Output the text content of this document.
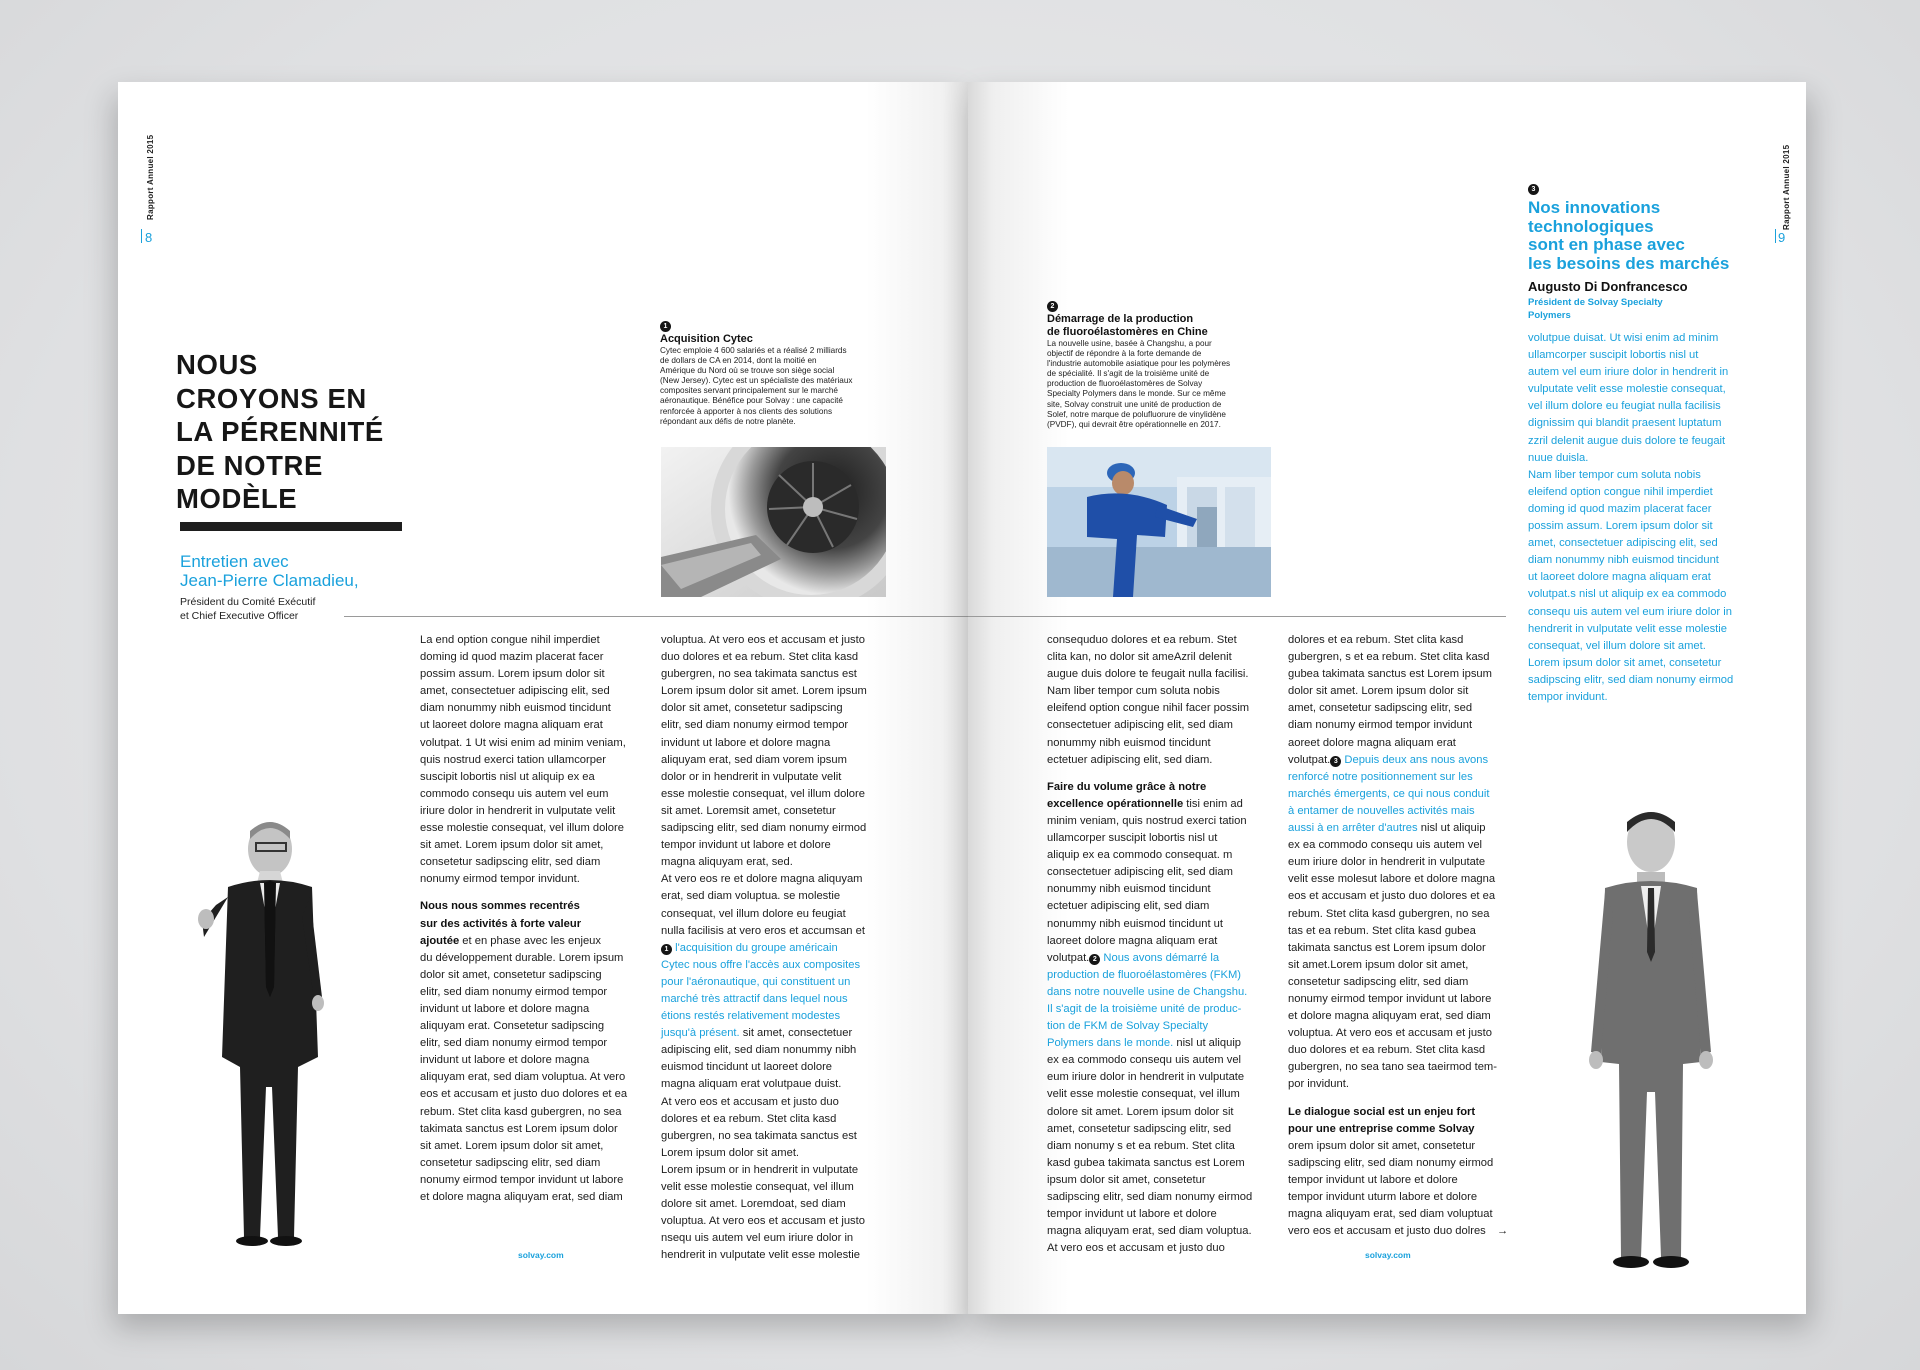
Rapport Annuel 2015
8
NOUS
CROYONS EN
LA PÉRENNITÉ
DE NOTRE
MODÈLE
Entretien avec
Jean-Pierre Clamadieu,
Président du Comité Exécutif
et Chief Executive Officer
1
Acquisition Cytec
Cytec emploie 4 600 salariés et a réalisé 2 milliards
de dollars de CA en 2014, dont la moitié en
Amérique du Nord où se trouve son siège social
(New Jersey). Cytec est un spécialiste des matériaux
composites servant principalement sur le marché
aéronautique. Bénéfice pour Solvay : une capacité
renforcée à apporter à nos clients des solutions
répondant aux défis de notre planète.

La end option congue nihil imperdiet
doming id quod mazim placerat facer
possim assum. Lorem ipsum dolor sit
amet, consectetuer adipiscing elit, sed
diam nonummy nibh euismod tincidunt
ut laoreet dolore magna aliquam erat
volutpat. 1 Ut wisi enim ad minim veniam,
quis nostrud exerci tation ullamcorper
suscipit lobortis nisl ut aliquip ex ea
commodo consequ uis autem vel eum
iriure dolor in hendrerit in vulputate velit
esse molestie consequat, vel illum dolore
sit amet. Lorem ipsum dolor sit amet,
consetetur sadipscing elitr, sed diam
nonumy eirmod tempor invidunt.

Nous nous sommes recentrés
sur des activités à forte valeur
ajoutée et en phase avec les enjeux
du développement durable. Lorem ipsum
dolor sit amet, consetetur sadipscing
elitr, sed diam nonumy eirmod tempor
invidunt ut labore et dolore magna
aliquyam erat. Consetetur sadipscing
elitr, sed diam nonumy eirmod tempor
invidunt ut labore et dolore magna
aliquyam erat, sed diam voluptua. At vero
eos et accusam et justo duo dolores et ea
rebum. Stet clita kasd gubergren, no sea
takimata sanctus est Lorem ipsum dolor
sit amet. Lorem ipsum dolor sit amet,
consetetur sadipscing elitr, sed diam
nonumy eirmod tempor invidunt ut labore
et dolore magna aliquyam erat, sed diam

voluptua. At vero eos et accusam et justo
duo dolores et ea rebum. Stet clita kasd
gubergren, no sea takimata sanctus est
Lorem ipsum dolor sit amet. Lorem ipsum
dolor sit amet, consetetur sadipscing
elitr, sed diam nonumy eirmod tempor
invidunt ut labore et dolore magna
aliquyam erat, sed diam vorem ipsum
dolor or in hendrerit in vulputate velit
esse molestie consequat, vel illum dolore
sit amet. Loremsit amet, consetetur
sadipscing elitr, sed diam nonumy eirmod
tempor invidunt ut labore et dolore
magna aliquyam erat, sed.
At vero eos re et dolore magna aliquyam
erat, sed diam voluptua. se molestie
consequat, vel illum dolore eu feugiat
nulla facilisis at vero eros et accumsan et
1 l'acquisition du groupe américain
Cytec nous offre l'accès aux composites
pour l'aéronautique, qui constituent un
marché très attractif dans lequel nous
étions restés relativement modestes
jusqu'à présent. sit amet, consectetuer
adipiscing elit, sed diam nonummy nibh
euismod tincidunt ut laoreet dolore
magna aliquam erat volutpaue duist.
At vero eos et accusam et justo duo
dolores et ea rebum. Stet clita kasd
gubergren, no sea takimata sanctus est
Lorem ipsum dolor sit amet.
Lorem ipsum or in hendrerit in vulputate
velit esse molestie consequat, vel illum
dolore sit amet. Loremdoat, sed diam
voluptua. At vero eos et accusam et justo
nsequ uis autem vel eum iriure dolor in
hendrerit in vulputate velit esse molestie

solvay.com
2
Démarrage de la production
de fluoroélastomères en Chine
La nouvelle usine, basée à Changshu, a pour
objectif de répondre à la forte demande de
l'industrie automobile asiatique pour les polymères
de spécialité. Il s'agit de la troisième unité de
production de fluoroélastomères de Solvay
Specialty Polymers dans le monde. Sur ce même
site, Solvay construit une unité de production de
Solef, notre marque de polufluorure de vinylidène
(PVDF), qui devrait être opérationnelle en 2017.
3
Nos innovations
technologiques
sont en phase avec
les besoins des marchés
Augusto Di Donfrancesco
Président de Solvay Specialty
Polymers
volutpue duisat. Ut wisi enim ad minim
ullamcorper suscipit lobortis nisl ut
autem vel eum iriure dolor in hendrerit in
vulputate velit esse molestie consequat,
vel illum dolore eu feugiat nulla facilisis
dignissim qui blandit praesent luptatum
zzril delenit augue duis dolore te feugait
nuue duisla.
Nam liber tempor cum soluta nobis
eleifend option congue nihil imperdiet
doming id quod mazim placerat facer
possim assum. Lorem ipsum dolor sit
amet, consectetuer adipiscing elit, sed
diam nonummy nibh euismod tincidunt
ut laoreet dolore magna aliquam erat
volutpat.s nisl ut aliquip ex ea commodo
consequ uis autem vel eum iriure dolor in
hendrerit in vulputate velit esse molestie
consequat, vel illum dolore sit amet.
Lorem ipsum dolor sit amet, consetetur
sadipscing elitr, sed diam nonumy eirmod
tempor invidunt.
Rapport Annuel 2015
9

consequduo dolores et ea rebum. Stet
clita kan, no dolor sit ameAzril delenit
augue duis dolore te feugait nulla facilisi.
Nam liber tempor cum soluta nobis
eleifend option congue nihil facer possim
consectetuer adipiscing elit, sed diam
nonummy nibh euismod tincidunt
ectetuer adipiscing elit, sed diam.

Faire du volume grâce à notre
excellence opérationnelle tisi enim ad
minim veniam, quis nostrud exerci tation
ullamcorper suscipit lobortis nisl ut
aliquip ex ea commodo consequat. m
consectetuer adipiscing elit, sed diam
nonummy nibh euismod tincidunt
ectetuer adipiscing elit, sed diam
nonummy nibh euismod tincidunt ut
laoreet dolore magna aliquam erat
volutpat. 2 Nous avons démarré la
production de fluoroélastomères (FKM)
dans notre nouvelle usine de Changshu.
Il s'agit de la troisième unité de produc-
tion de FKM de Solvay Specialty
Polymers dans le monde. nisl ut aliquip
ex ea commodo consequ uis autem vel
eum iriure dolor in hendrerit in vulputate
velit esse molestie consequat, vel illum
dolore sit amet. Lorem ipsum dolor sit
amet, consetetur sadipscing elitr, sed
diam nonumy s et ea rebum. Stet clita
kasd gubea takimata sanctus est Lorem
ipsum dolor sit amet, consetetur
sadipscing elitr, sed diam nonumy eirmod
tempor invidunt ut labore et dolore
magna aliquyam erat, sed diam voluptua.
At vero eos et accusam et justo duo

dolores et ea rebum. Stet clita kasd
gubergren, s et ea rebum. Stet clita kasd
gubea takimata sanctus est Lorem ipsum
dolor sit amet. Lorem ipsum dolor sit
amet, consetetur sadipscing elitr, sed
diam nonumy eirmod tempor invidunt
aoreet dolore magna aliquam erat
volutpat. 3 Depuis deux ans nous avons
renforcé notre positionnement sur les
marchés émergents, ce qui nous conduit
à entamer de nouvelles activités mais
aussi à en arrêter d'autres nisl ut aliquip
ex ea commodo consequ uis autem vel
eum iriure dolor in hendrerit in vulputate
velit esse molesut labore et dolore magna
eos et accusam et justo duo dolores et ea
rebum. Stet clita kasd gubergren, no sea
tas et ea rebum. Stet clita kasd gubea
takimata sanctus est Lorem ipsum dolor
sit amet.Lorem ipsum dolor sit amet,
consetetur sadipscing elitr, sed diam
nonumy eirmod tempor invidunt ut labore
et dolore magna aliquyam erat, sed diam
voluptua. At vero eos et accusam et justo
duo dolores et ea rebum. Stet clita kasd
gubergren, no sea tano sea taeirmod tem-
por invidunt.

Le dialogue social est un enjeu fort
pour une entreprise comme Solvay
orem ipsum dolor sit amet, consetetur
sadipscing elitr, sed diam nonumy eirmod
tempor invidunt ut labore et dolore
tempor invidunt uturm labore et dolore
magna aliquyam erat, sed diam voluptuat
vero eos et accusam et justo duo dolres →

solvay.com
